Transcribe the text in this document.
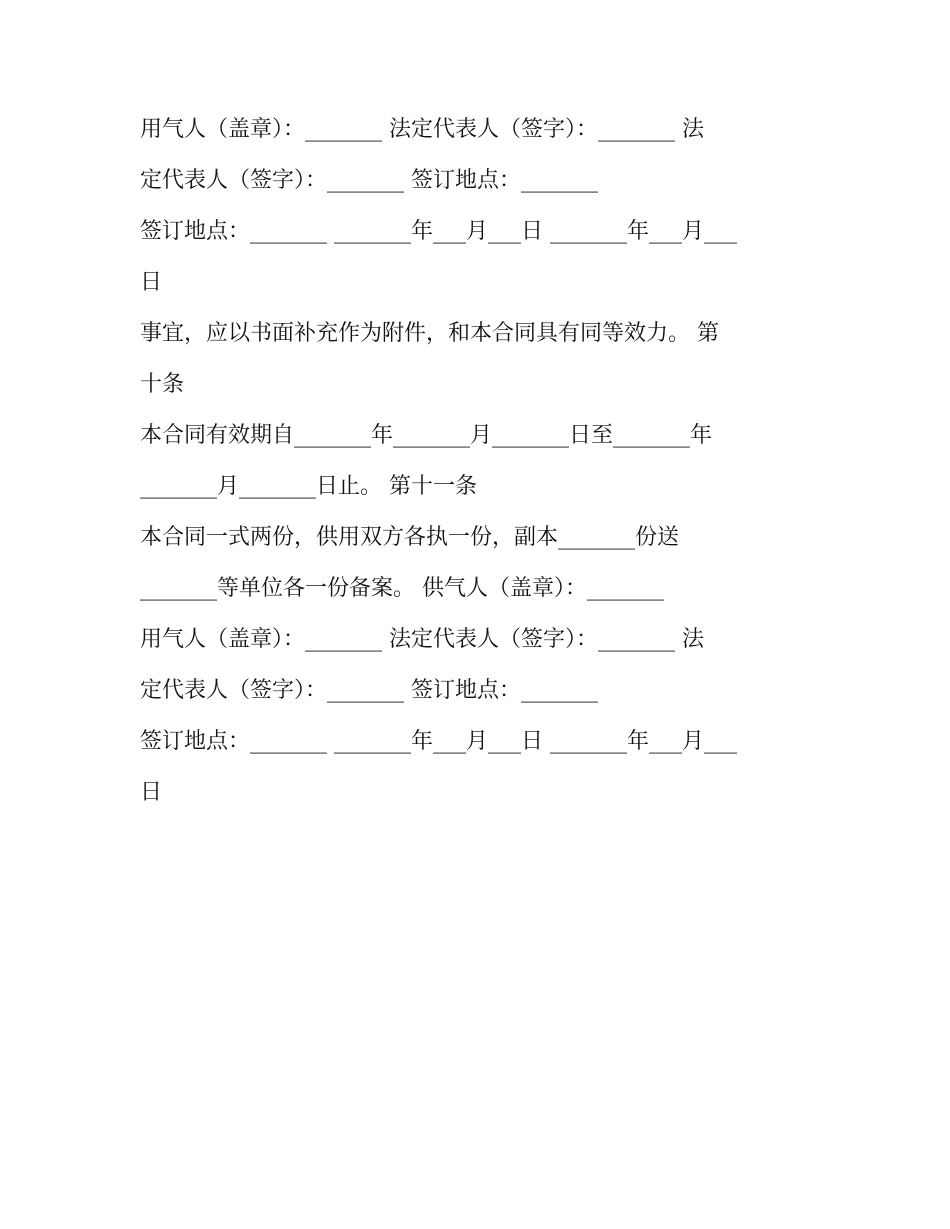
用气人（盖章）：_______ 法定代表人（签字）：_______ 法
定代表人（签字）：_______ 签订地点：_______
签订地点：_______ _______年___月___日 _______年___月___
日
事宜，应以书面补充作为附件，和本合同具有同等效力。 第
十条
本合同有效期自_______年_______月_______日至_______年
_______月_______日止。 第十一条
本合同一式两份，供用双方各执一份，副本_______份送
_______等单位各一份备案。 供气人（盖章）：_______
用气人（盖章）：_______ 法定代表人（签字）：_______ 法
定代表人（签字）：_______ 签订地点：_______
签订地点：_______ _______年___月___日 _______年___月___
日
